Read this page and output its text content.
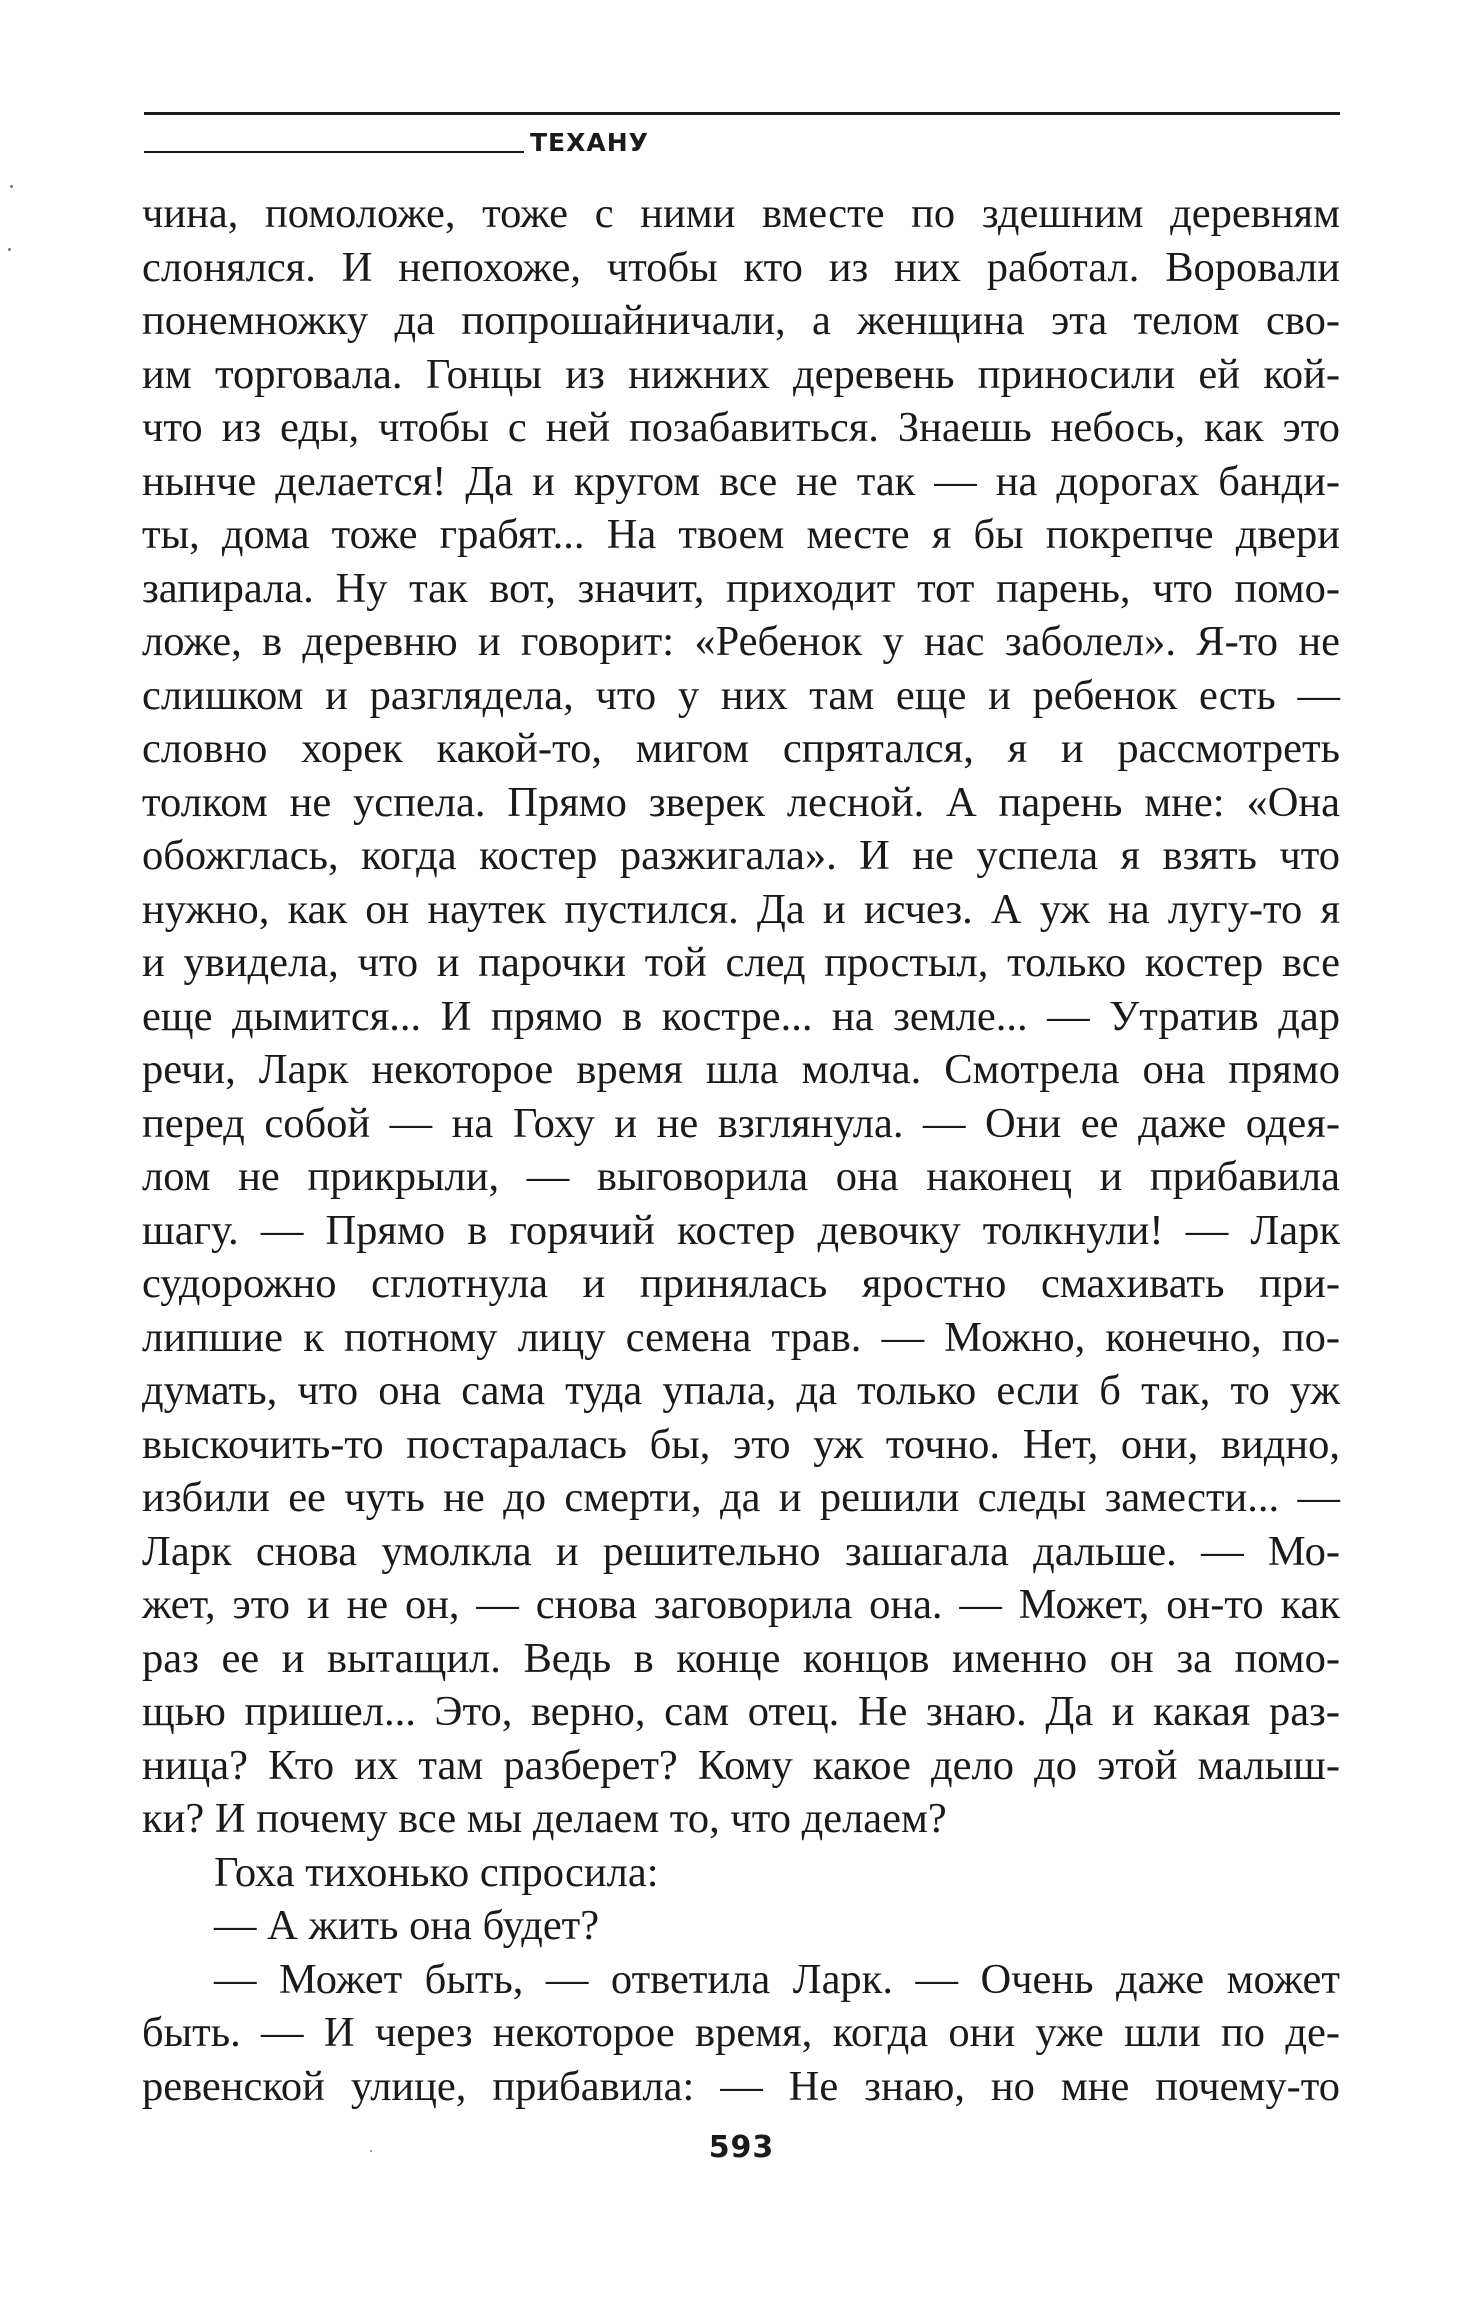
ТЕХАНУ
чина, помоложе, тоже с ними вместе по здешним деревням
слонялся. И непохоже, чтобы кто из них работал. Воровали
понемножку да попрошайничали, а женщина эта телом сво-
им торговала. Гонцы из нижних деревень приносили ей кой-
что из еды, чтобы с ней позабавиться. Знаешь небось, как это
нынче делается! Да и кругом все не так — на дорогах банди-
ты, дома тоже грабят... На твоем месте я бы покрепче двери
запирала. Ну так вот, значит, приходит тот парень, что помо-
ложе, в деревню и говорит: «Ребенок у нас заболел». Я-то не
слишком и разглядела, что у них там еще и ребенок есть —
словно хорек какой-то, мигом спрятался, я и рассмотреть
толком не успела. Прямо зверек лесной. А парень мне: «Она
обожглась, когда костер разжигала». И не успела я взять что
нужно, как он наутек пустился. Да и исчез. А уж на лугу-то я
и увидела, что и парочки той след простыл, только костер все
еще дымится... И прямо в костре... на земле... — Утратив дар
речи, Ларк некоторое время шла молча. Смотрела она прямо
перед собой — на Гоху и не взглянула. — Они ее даже одея-
лом не прикрыли, — выговорила она наконец и прибавила
шагу. — Прямо в горячий костер девочку толкнули! — Ларк
судорожно сглотнула и принялась яростно смахивать при-
липшие к потному лицу семена трав. — Можно, конечно, по-
думать, что она сама туда упала, да только если б так, то уж
выскочить-то постаралась бы, это уж точно. Нет, они, видно,
избили ее чуть не до смерти, да и решили следы замести... —
Ларк снова умолкла и решительно зашагала дальше. — Мо-
жет, это и не он, — снова заговорила она. — Может, он-то как
раз ее и вытащил. Ведь в конце концов именно он за помо-
щью пришел... Это, верно, сам отец. Не знаю. Да и какая раз-
ница? Кто их там разберет? Кому какое дело до этой малыш-
ки? И почему все мы делаем то, что делаем?
Гоха тихонько спросила:
— А жить она будет?
— Может быть, — ответила Ларк. — Очень даже может
быть. — И через некоторое время, когда они уже шли по де-
ревенской улице, прибавила: — Не знаю, но мне почему-то
593
